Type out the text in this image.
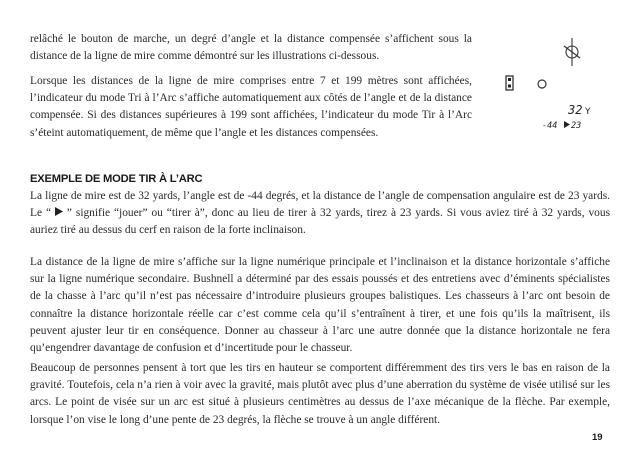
relâché le bouton de marche, un degré d’angle et la distance compensée s’affichent sous la distance de la ligne de mire comme démontré sur les illustrations ci-dessous.

Lorsque les distances de la ligne de mire comprises entre 7 et 199 mètres sont affichées, l’indicateur du mode Tri à l’Arc s’affiche automatiquement aux côtés de l’angle et de la distance compensée. Si des distances supérieures à 199 sont affichées, l’indicateur du mode Tir à l’Arc s’éteint automatiquement, de même que l’angle et les distances compensées.

32 Y
-44 23
EXEMPLE DE MODE TIR À L’ARC

La ligne de mire est de 32 yards, l’angle est de -44 degrés, et la distance de l’angle de compensation angulaire est de 23 yards. Le “  ” signifie “jouer” ou “tirer à”, donc au lieu de tirer à 32 yards, tirez à 23 yards. Si vous aviez tiré à 32 yards, vous auriez tiré au dessus du cerf en raison de la forte inclinaison.

La distance de la ligne de mire s’affiche sur la ligne numérique principale et l’inclinaison et la distance horizontale s’affiche sur la ligne numérique secondaire. Bushnell a déterminé par des essais poussés et des entretiens avec d’éminents spécialistes de la chasse à l’arc qu’il n’est pas nécessaire d’introduire plusieurs groupes balistiques. Les chasseurs à l’arc ont besoin de connaître la distance horizontale réelle car c’est comme cela qu’il s’entraînent à tirer, et une fois qu’ils la maîtrisent, ils peuvent ajuster leur tir en conséquence. Donner au chasseur à l’arc une autre donnée que la distance horizontale ne fera qu’engendrer davantage de confusion et d’incertitude pour le chasseur.

Beaucoup de personnes pensent à tort que les tirs en hauteur se comportent différemment des tirs vers le bas en raison de la gravité. Toutefois, cela n’a rien à voir avec la gravité, mais plutôt avec plus d’une aberration du système de visée utilisé sur les arcs. Le point de visée sur un arc est situé à plusieurs centimètres au dessus de l’axe mécanique de la flèche. Par exemple, lorsque l’on vise le long d’une pente de 23 degrés, la flèche se trouve à un angle différent.

19
